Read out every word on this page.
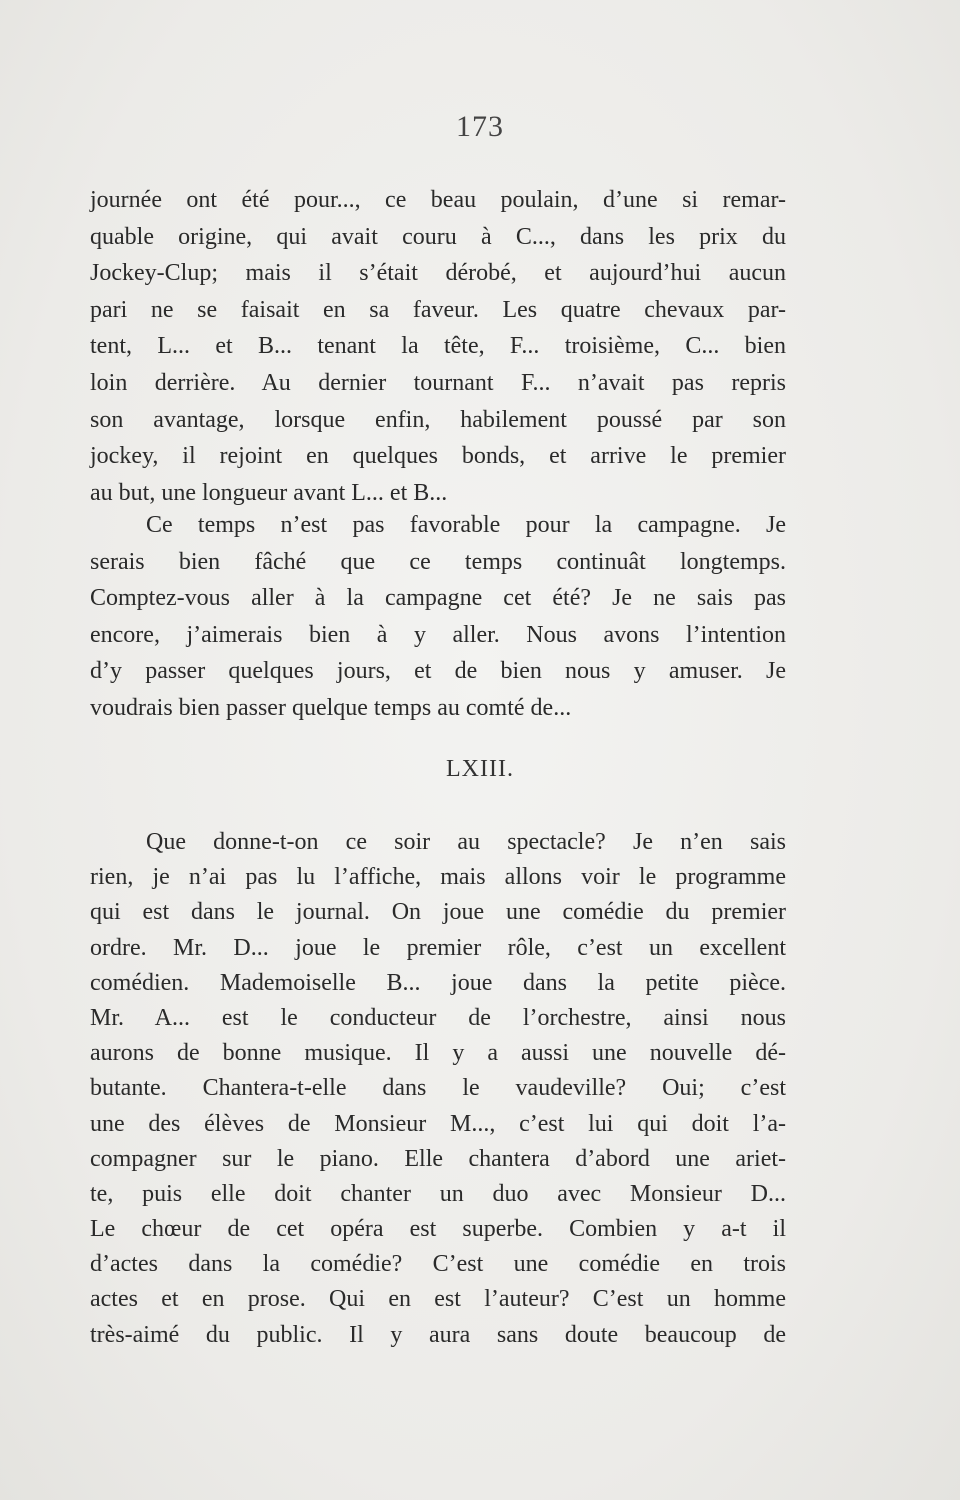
173
journée ont été pour..., ce beau poulain, d’une si remar-
quable origine, qui avait couru à C..., dans les prix du
Jockey-Clup; mais il s’était dérobé, et aujourd’hui aucun
pari ne se faisait en sa faveur. Les quatre chevaux par-
tent, L... et B... tenant la tête, F... troisième, C... bien
loin derrière. Au dernier tournant F... n’avait pas repris
son avantage, lorsque enfin, habilement poussé par son
jockey, il rejoint en quelques bonds, et arrive le premier
au but, une longueur avant L... et B...
Ce temps n’est pas favorable pour la campagne. Je
serais bien fâché que ce temps continuât longtemps.
Comptez-vous aller à la campagne cet été? Je ne sais pas
encore, j’aimerais bien à y aller. Nous avons l’intention
d’y passer quelques jours, et de bien nous y amuser. Je
voudrais bien passer quelque temps au comté de...
LXIII.
Que donne-t-on ce soir au spectacle? Je n’en sais
rien, je n’ai pas lu l’affiche, mais allons voir le programme
qui est dans le journal. On joue une comédie du premier
ordre. Mr. D... joue le premier rôle, c’est un excellent
comédien. Mademoiselle B... joue dans la petite pièce.
Mr. A... est le conducteur de l’orchestre, ainsi nous
aurons de bonne musique. Il y a aussi une nouvelle dé-
butante. Chantera-t-elle dans le vaudeville? Oui; c’est
une des élèves de Monsieur M..., c’est lui qui doit l’a-
compagner sur le piano. Elle chantera d’abord une ariet-
te, puis elle doit chanter un duo avec Monsieur D...
Le chœur de cet opéra est superbe. Combien y a-t il
d’actes dans la comédie? C’est une comédie en trois
actes et en prose. Qui en est l’auteur? C’est un homme
très-aimé du public. Il y aura sans doute beaucoup de
